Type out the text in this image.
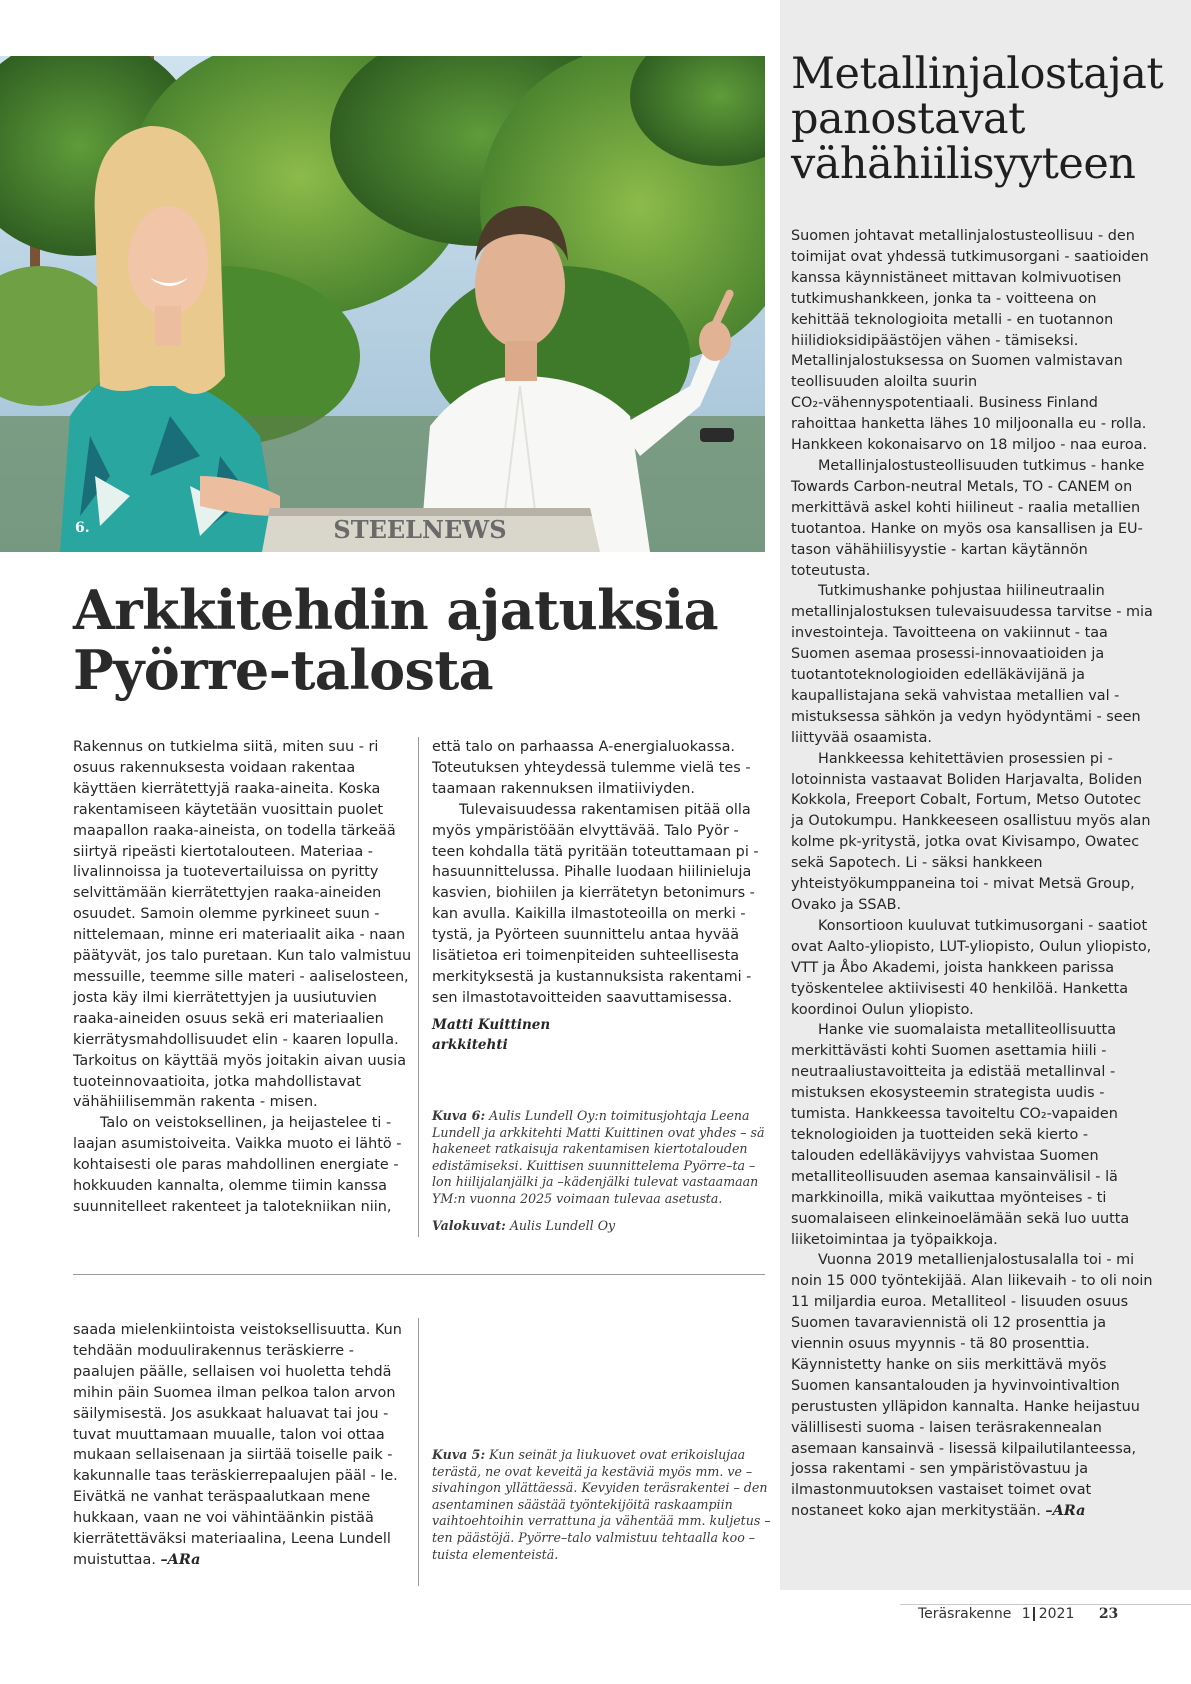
Metallinjalostajat panostavat vähähiilisyyteen

Suomen johtavat metallinjalostusteollisuu - den toimijat ovat yhdessä tutkimusorgani - saatioiden kanssa käynnistäneet mittavan kolmivuotisen tutkimushankkeen, jonka ta - voitteena on kehittää teknologioita metalli - en tuotannon hiilidioksidipäästöjen vähen - tämiseksi. Metallinjalostuksessa on Suomen valmistavan teollisuuden aloilta suurin

CO₂-vähennyspotentiaali. Business Finland rahoittaa hanketta lähes 10 miljoonalla eu - rolla. Hankkeen kokonaisarvo on 18 miljoo - naa euroa.

Metallinjalostusteollisuuden tutkimus - hanke Towards Carbon-neutral Metals, TO - CANEM on merkittävä askel kohti hiilineut - raalia metallien tuotantoa. Hanke on myös osa kansallisen ja EU-tason vähähiilisyystie - kartan käytännön toteutusta.

Tutkimushanke pohjustaa hiilineutraalin metallinjalostuksen tulevaisuudessa tarvitse - mia investointeja. Tavoitteena on vakiinnut - taa Suomen asemaa prosessi-innovaatioiden ja tuotantoteknologioiden edelläkävijänä ja kaupallistajana sekä vahvistaa metallien val - mistuksessa sähkön ja vedyn hyödyntämi - seen liittyvää osaamista.

Hankkeessa kehitettävien prosessien pi - lotoinnista vastaavat Boliden Harjavalta, Boliden Kokkola, Freeport Cobalt, Fortum, Metso Outotec ja Outokumpu. Hankkeeseen osallistuu myös alan kolme pk-yritystä, jotka ovat Kivisampo, Owatec sekä Sapotech. Li - säksi hankkeen yhteistyökumppaneina toi - mivat Metsä Group, Ovako ja SSAB.

Konsortioon kuuluvat tutkimusorgani - saatiot ovat Aalto-yliopisto, LUT-yliopisto, Oulun yliopisto, VTT ja Åbo Akademi, joista hankkeen parissa työskentelee aktiivisesti 40 henkilöä. Hanketta koordinoi Oulun yliopisto.

Hanke vie suomalaista metalliteollisuutta merkittävästi kohti Suomen asettamia hiili - neutraaliustavoitteita ja edistää metallinval - mistuksen ekosysteemin strategista uudis - tumista. Hankkeessa tavoiteltu CO₂-vapaiden teknologioiden ja tuotteiden sekä kierto - talouden edelläkävijyys vahvistaa Suomen metalliteollisuuden asemaa kansainvälisil - lä markkinoilla, mikä vaikuttaa myönteises - ti suomalaiseen elinkeinoelämään sekä luo uutta liiketoimintaa ja työpaikkoja.

Vuonna 2019 metallienjalostusalalla toi - mi noin 15 000 työntekijää. Alan liikevaih - to oli noin 11 miljardia euroa. Metalliteol - lisuuden osuus Suomen tavaraviennistä oli 12 prosenttia ja viennin osuus myynnis - tä 80 prosenttia. Käynnistetty hanke on siis merkittävä myös Suomen kansantalouden ja hyvinvointivaltion perustusten ylläpidon kannalta. Hanke heijastuu välillisesti suoma - laisen teräsrakennealan asemaan kansainvä - lisessä kilpailutilanteessa, jossa rakentami - sen ympäristövastuu ja ilmastonmuutoksen vastaiset toimet ovat nostaneet koko ajan merkitystään. –ARa

STEELNEWS
6.
Arkkitehdin ajatuksia
Pyörre-talosta

Rakennus on tutkielma siitä, miten suu - ri osuus rakennuksesta voidaan rakentaa käyttäen kierrätettyjä raaka-aineita. Koska rakentamiseen käytetään vuosittain puolet maapallon raaka-aineista, on todella tärkeää siirtyä ripeästi kiertotalouteen. Materiaa - livalinnoissa ja tuotevertailuissa on pyritty selvittämään kierrätettyjen raaka-aineiden osuudet. Samoin olemme pyrkineet suun - nittelemaan, minne eri materiaalit aika - naan päätyvät, jos talo puretaan. Kun talo valmistuu messuille, teemme sille materi - aaliselosteen, josta käy ilmi kierrätettyjen ja uusiutuvien raaka-aineiden osuus sekä eri materiaalien kierrätysmahdollisuudet elin - kaaren lopulla. Tarkoitus on käyttää myös joitakin aivan uusia tuoteinnovaatioita, jotka mahdollistavat vähähiilisemmän rakenta - misen.

Talo on veistoksellinen, ja heijastelee ti - laajan asumistoiveita. Vaikka muoto ei lähtö - kohtaisesti ole paras mahdollinen energiate - hokkuuden kannalta, olemme tiimin kanssa suunnitelleet rakenteet ja talotekniikan niin,

että talo on parhaassa A-energialuokassa. Toteutuksen yhteydessä tulemme vielä tes - taamaan rakennuksen ilmatiiviyden.

Tulevaisuudessa rakentamisen pitää olla myös ympäristöään elvyttävää. Talo Pyör - teen kohdalla tätä pyritään toteuttamaan pi - hasuunnittelussa. Pihalle luodaan hiilinieluja kasvien, biohiilen ja kierrätetyn betonimurs - kan avulla. Kaikilla ilmastoteoilla on merki - tystä, ja Pyörteen suunnittelu antaa hyvää lisätietoa eri toimenpiteiden suhteellisesta merkityksestä ja kustannuksista rakentami - sen ilmastotavoitteiden saavuttamisessa.

Matti Kuittinen
arkkitehti
Kuva 6: Aulis Lundell Oy:n toimitusjohtaja Leena Lundell ja arkkitehti Matti Kuittinen ovat yhdes – sä hakeneet ratkaisuja rakentamisen kiertotalouden edistämiseksi. Kuittisen suunnittelema Pyörre–ta – lon hiilijalanjälki ja –kädenjälki tulevat vastaamaan YM:n vuonna 2025 voimaan tulevaa asetusta.
Valokuvat: Aulis Lundell Oy

saada mielenkiintoista veistoksellisuutta. Kun tehdään moduulirakennus teräskierre - paalujen päälle, sellaisen voi huoletta tehdä mihin päin Suomea ilman pelkoa talon arvon säilymisestä. Jos asukkaat haluavat tai jou - tuvat muuttamaan muualle, talon voi ottaa mukaan sellaisenaan ja siirtää toiselle paik - kakunnalle taas teräskierrepaalujen pääl - le. Eivätkä ne vanhat teräspaalutkaan mene hukkaan, vaan ne voi vähintäänkin pistää kierrätettäväksi materiaalina, Leena Lundell muistuttaa. –ARa

Kuva 5: Kun seinät ja liukuovet ovat erikoislujaa terästä, ne ovat keveitä ja kestäviä myös mm. ve – sivahingon yllättäessä. Kevyiden teräsrakentei – den asentaminen säästää työntekijöitä raskaampiin vaihtoehtoihin verrattuna ja vähentää mm. kuljetus – ten päästöjä. Pyörre–talo valmistuu tehtaalla koo – tuista elementeistä.
Teräsrakenne 1 2021 23
